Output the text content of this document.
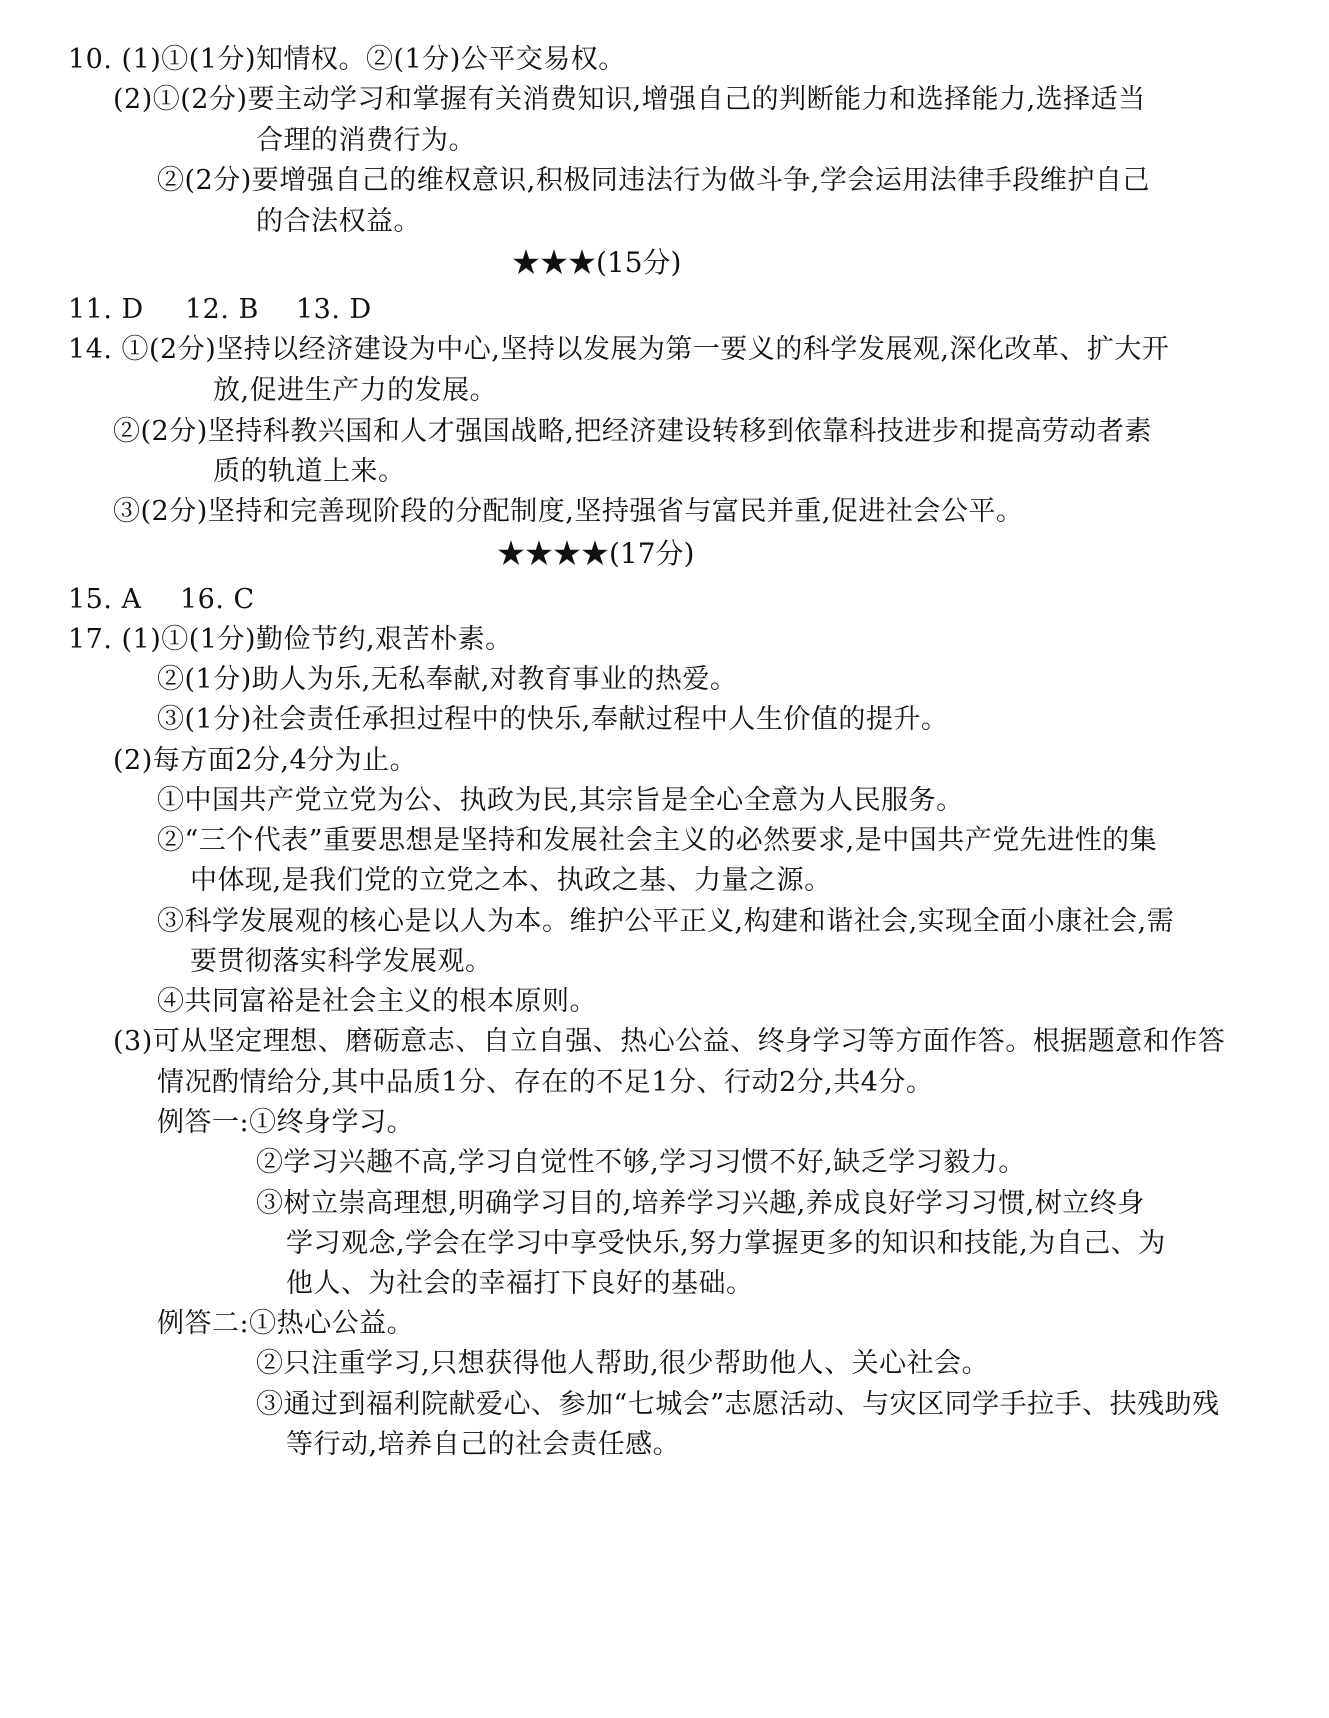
10. (1)①(1分)知情权。②(1分)公平交易权。
(2)①(2分)要主动学习和掌握有关消费知识,增强自己的判断能力和选择能力,选择适当
合理的消费行为。
②(2分)要增强自己的维权意识,积极同违法行为做斗争,学会运用法律手段维护自己
的合法权益。
★★★(15分)
11. D 12. B 13. D
14. ①(2分)坚持以经济建设为中心,坚持以发展为第一要义的科学发展观,深化改革、扩大开
放,促进生产力的发展。
②(2分)坚持科教兴国和人才强国战略,把经济建设转移到依靠科技进步和提高劳动者素
质的轨道上来。
③(2分)坚持和完善现阶段的分配制度,坚持强省与富民并重,促进社会公平。
★★★★(17分)
15. A 16. C
17. (1)①(1分)勤俭节约,艰苦朴素。
②(1分)助人为乐,无私奉献,对教育事业的热爱。
③(1分)社会责任承担过程中的快乐,奉献过程中人生价值的提升。
(2)每方面2分,4分为止。
①中国共产党立党为公、执政为民,其宗旨是全心全意为人民服务。
②“三个代表”重要思想是坚持和发展社会主义的必然要求,是中国共产党先进性的集
中体现,是我们党的立党之本、执政之基、力量之源。
③科学发展观的核心是以人为本。维护公平正义,构建和谐社会,实现全面小康社会,需
要贯彻落实科学发展观。
④共同富裕是社会主义的根本原则。
(3)可从坚定理想、磨砺意志、自立自强、热心公益、终身学习等方面作答。根据题意和作答
情况酌情给分,其中品质1分、存在的不足1分、行动2分,共4分。
例答一:①终身学习。
②学习兴趣不高,学习自觉性不够,学习习惯不好,缺乏学习毅力。
③树立崇高理想,明确学习目的,培养学习兴趣,养成良好学习习惯,树立终身
学习观念,学会在学习中享受快乐,努力掌握更多的知识和技能,为自己、为
他人、为社会的幸福打下良好的基础。
例答二:①热心公益。
②只注重学习,只想获得他人帮助,很少帮助他人、关心社会。
③通过到福利院献爱心、参加“七城会”志愿活动、与灾区同学手拉手、扶残助残
等行动,培养自己的社会责任感。
